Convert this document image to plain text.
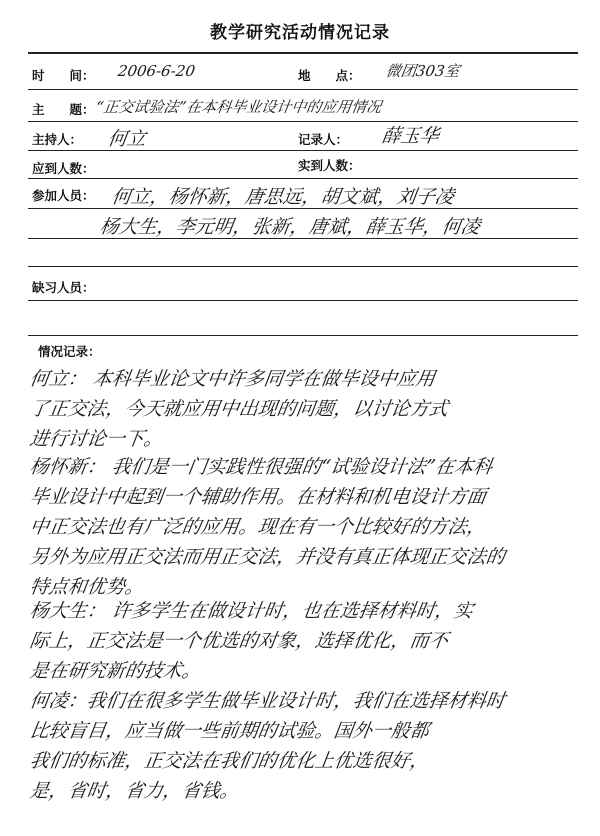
教学研究活动情况记录
时　　间： 2006-6-20	地　　点： 微团303室
主　　题： “正交试验法”在本科毕业设计中的应用情况
主持人： 何立	记录人： 薛玉华
应到人数：	实到人数：
参加人员： 何立，杨怀新，唐思远，胡文斌，刘子凌
杨大生，李元明，张新，唐斌，薛玉华，何凌
缺习人员：
情况记录：
何立： 本科毕业论文中许多同学在做毕设中应用
了正交法，今天就应用中出现的问题，以讨论方式
进行讨论一下。
杨怀新： 我们是一门实践性很强的“试验设计法”在本科
毕业设计中起到一个辅助作用。在材料和机电设计方面
中正交法也有广泛的应用。现在有一个比较好的方法，
另外为应用正交法而用正交法，并没有真正体现正交法的
特点和优势。
杨大生： 许多学生在做设计时，也在选择材料时，实
际上，正交法是一个优选的对象，选择优化，而不
是在研究新的技术。
何凌：我们在很多学生做毕业设计时，我们在选择材料时
比较盲目，应当做一些前期的试验。国外一般都
我们的标准，正交法在我们的优化上优选很好，
是，省时，省力，省钱。
